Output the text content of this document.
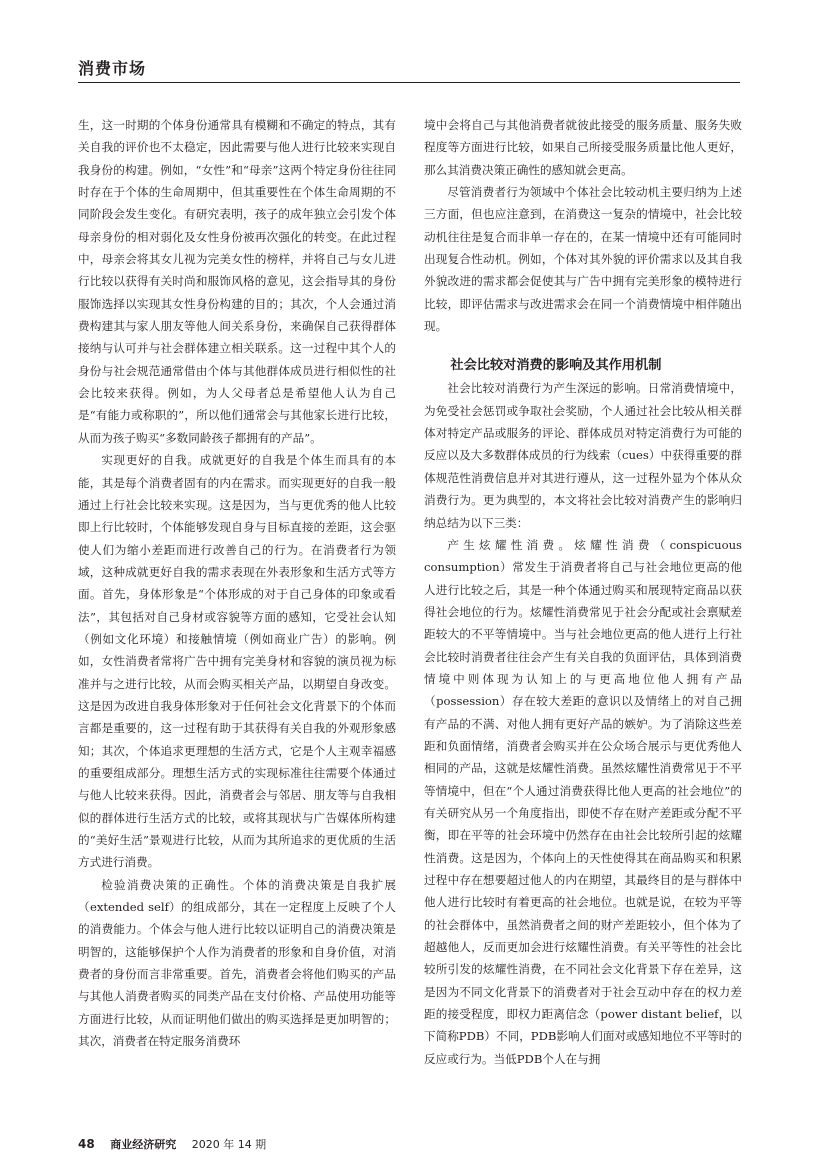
消费市场

生，这一时期的个体身份通常具有模糊和不确定的特点，其有关自我的评价也不太稳定，因此需要与他人进行比较来实现自我身份的构建。例如，“女性”和“母亲”这两个特定身份往往同时存在于个体的生命周期中，但其重要性在个体生命周期的不同阶段会发生变化。有研究表明，孩子的成年独立会引发个体母亲身份的相对弱化及女性身份被再次强化的转变。在此过程中，母亲会将其女儿视为完美女性的榜样，并将自己与女儿进行比较以获得有关时尚和服饰风格的意见，这会指导其的身份服饰选择以实现其女性身份构建的目的；其次，个人会通过消费构建其与家人朋友等他人间关系身份，来确保自己获得群体接纳与认可并与社会群体建立相关联系。这一过程中其个人的身份与社会规范通常借由个体与其他群体成员进行相似性的社会比较来获得。例如，为人父母者总是希望他人认为自己是“有能力或称职的”，所以他们通常会与其他家长进行比较，从而为孩子购买“多数同龄孩子都拥有的产品”。

实现更好的自我。成就更好的自我是个体生而具有的本能，其是每个消费者固有的内在需求。而实现更好的自我一般通过上行社会比较来实现。这是因为，当与更优秀的他人比较即上行比较时，个体能够发现自身与目标直接的差距，这会驱使人们为缩小差距而进行改善自己的行为。在消费者行为领域，这种成就更好自我的需求表现在外表形象和生活方式等方面。首先，身体形象是“个体形成的对于自己身体的印象或看法”，其包括对自己身材或容貌等方面的感知，它受社会认知（例如文化环境）和接触情境（例如商业广告）的影响。例如，女性消费者常将广告中拥有完美身材和容貌的演员视为标准并与之进行比较，从而会购买相关产品，以期望自身改变。这是因为改进自我身体形象对于任何社会文化背景下的个体而言都是重要的，这一过程有助于其获得有关自我的外观形象感知；其次，个体追求更理想的生活方式，它是个人主观幸福感的重要组成部分。理想生活方式的实现标准往往需要个体通过与他人比较来获得。因此，消费者会与邻居、朋友等与自我相似的群体进行生活方式的比较，或将其现状与广告媒体所构建的“美好生活”景观进行比较，从而为其所追求的更优质的生活方式进行消费。

检验消费决策的正确性。个体的消费决策是自我扩展（extended self）的组成部分，其在一定程度上反映了个人的消费能力。个体会与他人进行比较以证明自己的消费决策是明智的，这能够保护个人作为消费者的形象和自身价值，对消费者的身份而言非常重要。首先，消费者会将他们购买的产品与其他人消费者购买的同类产品在支付价格、产品使用功能等方面进行比较，从而证明他们做出的购买选择是更加明智的；其次，消费者在特定服务消费环

境中会将自己与其他消费者就彼此接受的服务质量、服务失败程度等方面进行比较，如果自己所接受服务质量比他人更好，那么其消费决策正确性的感知就会更高。

尽管消费者行为领域中个体社会比较动机主要归纳为上述三方面，但也应注意到，在消费这一复杂的情境中，社会比较动机往往是复合而非单一存在的，在某一情境中还有可能同时出现复合性动机。例如，个体对其外貌的评价需求以及其自我外貌改进的需求都会促使其与广告中拥有完美形象的模特进行比较，即评估需求与改进需求会在同一个消费情境中相伴随出现。

社会比较对消费的影响及其作用机制

社会比较对消费行为产生深远的影响。日常消费情境中，为免受社会惩罚或争取社会奖励，个人通过社会比较从相关群体对特定产品或服务的评论、群体成员对特定消费行为可能的反应以及大多数群体成员的行为线索（cues）中获得重要的群体规范性消费信息并对其进行遵从，这一过程外显为个体从众消费行为。更为典型的，本文将社会比较对消费产生的影响归纳总结为以下三类：

产生炫耀性消费。炫耀性消费（conspicuous consumption）常发生于消费者将自己与社会地位更高的他人进行比较之后，其是一种个体通过购买和展现特定商品以获得社会地位的行为。炫耀性消费常见于社会分配或社会禀赋差距较大的不平等情境中。当与社会地位更高的他人进行上行社会比较时消费者往往会产生有关自我的负面评估，具体到消费情境中则体现为认知上的与更高地位他人拥有产品（possession）存在较大差距的意识以及情绪上的对自己拥有产品的不满、对他人拥有更好产品的嫉妒。为了消除这些差距和负面情绪，消费者会购买并在公众场合展示与更优秀他人相同的产品，这就是炫耀性消费。虽然炫耀性消费常见于不平等情境中，但在“个人通过消费获得比他人更高的社会地位”的有关研究从另一个角度指出，即使不存在财产差距或分配不平衡，即在平等的社会环境中仍然存在由社会比较所引起的炫耀性消费。这是因为，个体向上的天性使得其在商品购买和积累过程中存在想要超过他人的内在期望，其最终目的是与群体中他人进行比较时有着更高的社会地位。也就是说，在较为平等的社会群体中，虽然消费者之间的财产差距较小，但个体为了超越他人，反而更加会进行炫耀性消费。有关平等性的社会比较所引发的炫耀性消费，在不同社会文化背景下存在差异，这是因为不同文化背景下的消费者对于社会互动中存在的权力差距的接受程度，即权力距离信念（power distant belief，以下简称PDB）不同，PDB影响人们面对或感知地位不平等时的反应或行为。当低PDB个人在与拥

48 商业经济研究 2020 年 14 期
